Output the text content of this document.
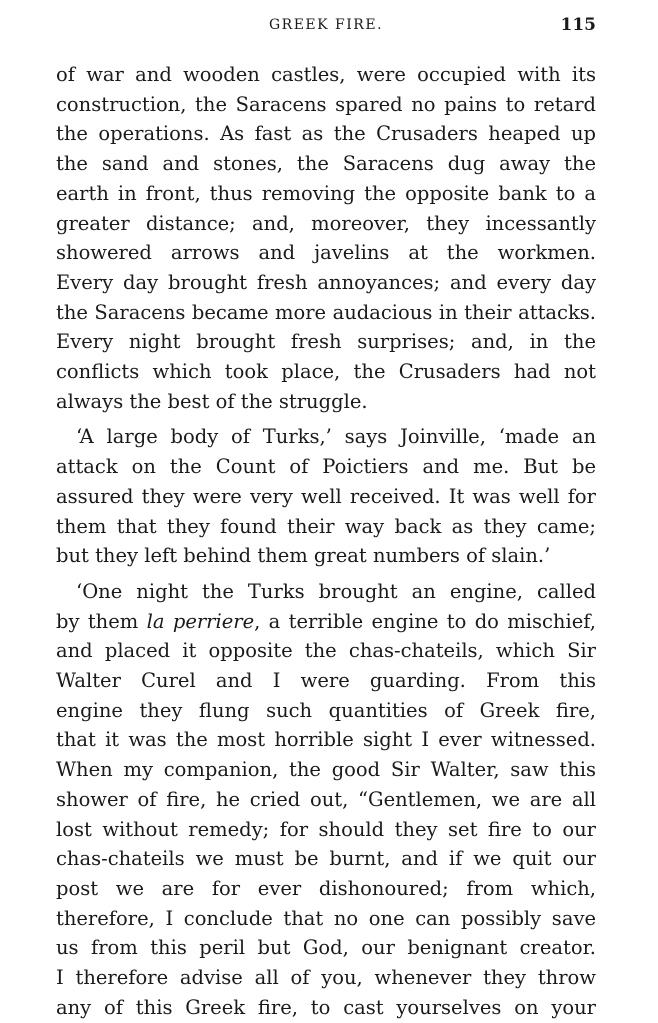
GREEK FIRE.	115
of war and wooden castles, were occupied with its
construction, the Saracens spared no pains to retard
the operations. As fast as the Crusaders heaped up
the sand and stones, the Saracens dug away the
earth in front, thus removing the opposite bank to a
greater distance; and, moreover, they incessantly
showered arrows and javelins at the workmen.
Every day brought fresh annoyances; and every day
the Saracens became more audacious in their attacks.
Every night brought fresh surprises; and, in the
conflicts which took place, the Crusaders had not
always the best of the struggle.
‘A large body of Turks,’ says Joinville, ‘made an
attack on the Count of Poictiers and me. But be
assured they were very well received. It was well for
them that they found their way back as they came;
but they left behind them great numbers of slain.’
‘One night the Turks brought an engine, called
by them la perriere, a terrible engine to do mischief,
and placed it opposite the chas-chateils, which Sir
Walter Curel and I were guarding. From this
engine they flung such quantities of Greek fire,
that it was the most horrible sight I ever witnessed.
When my companion, the good Sir Walter, saw this
shower of fire, he cried out, “Gentlemen, we are all
lost without remedy; for should they set fire to our
chas-chateils we must be burnt, and if we quit our
post we are for ever dishonoured; from which,
therefore, I conclude that no one can possibly save
us from this peril but God, our benignant creator.
I therefore advise all of you, whenever they throw
any of this Greek fire, to cast yourselves on your
